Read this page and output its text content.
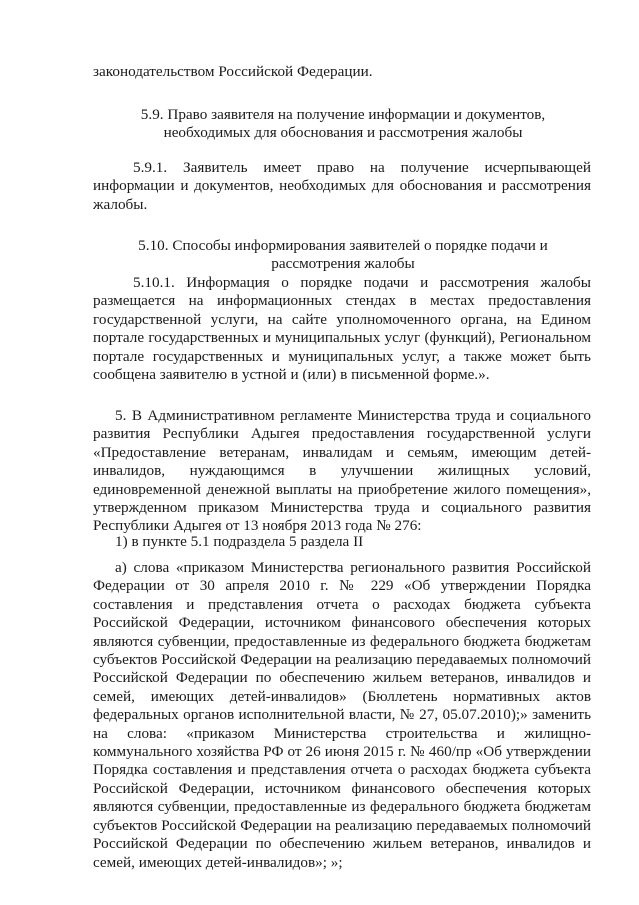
законодательством Российской Федерации.

5.9. Право заявителя на получение информации и документов, необходимых для обоснования и рассмотрения жалобы

5.9.1. Заявитель имеет право на получение исчерпывающей информации и документов, необходимых для обоснования и рассмотрения жалобы.

5.10. Способы информирования заявителей о порядке подачи и рассмотрения жалобы

5.10.1. Информация о порядке подачи и рассмотрения жалобы размещается на информационных стендах в местах предоставления государственной услуги, на сайте уполномоченного органа, на Едином портале государственных и муниципальных услуг (функций), Региональном портале государственных и муниципальных услуг, а также может быть сообщена заявителю в устной и (или) в письменной форме.».

5. В Административном регламенте Министерства труда и социального развития Республики Адыгея предоставления государственной услуги «Предоставление ветеранам, инвалидам и семьям, имеющим детей-инвалидов, нуждающимся в улучшении жилищных условий, единовременной денежной выплаты на приобретение жилого помещения», утвержденном приказом Министерства труда и социального развития Республики Адыгея от 13 ноября 2013 года № 276:

1) в пункте 5.1 подраздела 5 раздела II

а) слова «приказом Министерства регионального развития Российской Федерации от 30 апреля 2010 г. № 229 «Об утверждении Порядка составления и представления отчета о расходах бюджета субъекта Российской Федерации, источником финансового обеспечения которых являются субвенции, предоставленные из федерального бюджета бюджетам субъектов Российской Федерации на реализацию передаваемых полномочий Российской Федерации по обеспечению жильем ветеранов, инвалидов и семей, имеющих детей-инвалидов» (Бюллетень нормативных актов федеральных органов исполнительной власти, № 27, 05.07.2010);» заменить на слова: «приказом Министерства строительства и жилищно-коммунального хозяйства РФ от 26 июня 2015 г. № 460/пр «Об утверждении Порядка составления и представления отчета о расходах бюджета субъекта Российской Федерации, источником финансового обеспечения которых являются субвенции, предоставленные из федерального бюджета бюджетам субъектов Российской Федерации на реализацию передаваемых полномочий Российской Федерации по обеспечению жильем ветеранов, инвалидов и семей, имеющих детей-инвалидов»; »;
